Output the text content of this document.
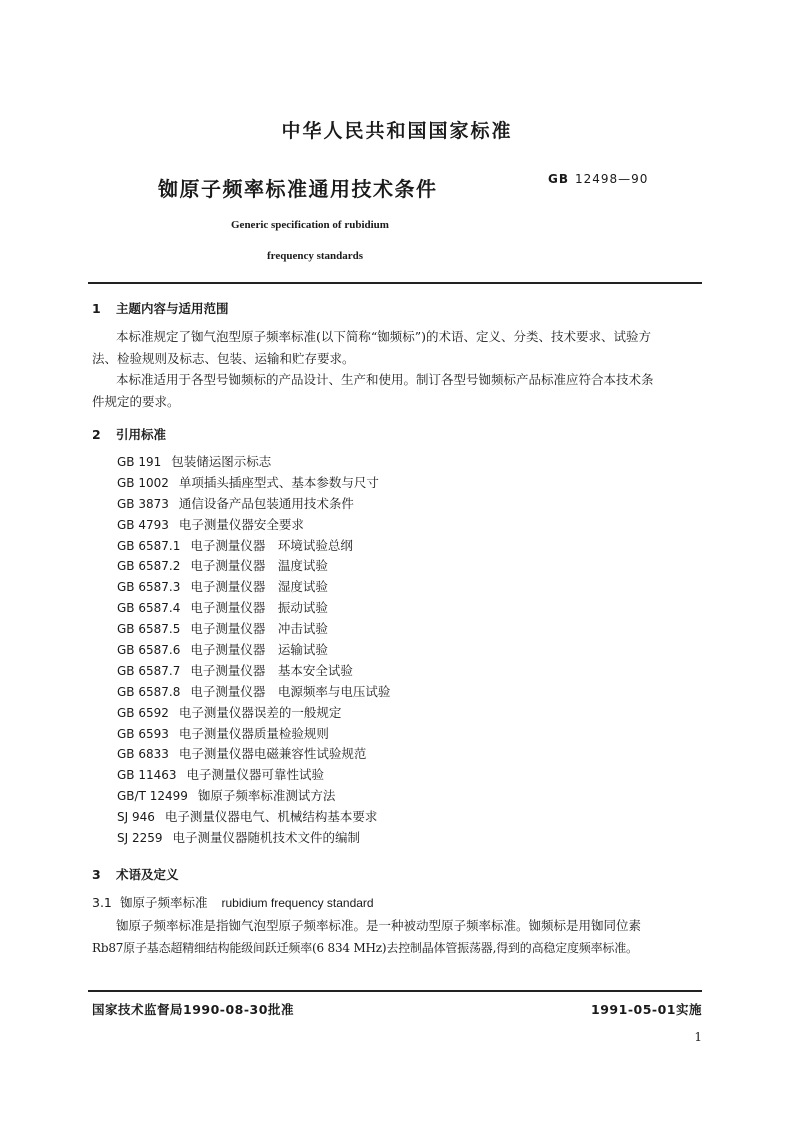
中华人民共和国国家标准
铷原子频率标准通用技术条件	GB 12498—90
Generic specification of rubidium
frequency standards
1 主题内容与适用范围
本标准规定了铷气泡型原子频率标准(以下简称“铷频标”)的术语、定义、分类、技术要求、试验方
法、检验规则及标志、包装、运输和贮存要求。
本标准适用于各型号铷频标的产品设计、生产和使用。制订各型号铷频标产品标准应符合本技术条
件规定的要求。
2 引用标准
GB 191 包装储运图示标志
GB 1002 单项插头插座型式、基本参数与尺寸
GB 3873 通信设备产品包装通用技术条件
GB 4793 电子测量仪器安全要求
GB 6587.1 电子测量仪器　环境试验总纲
GB 6587.2 电子测量仪器　温度试验
GB 6587.3 电子测量仪器　湿度试验
GB 6587.4 电子测量仪器　振动试验
GB 6587.5 电子测量仪器　冲击试验
GB 6587.6 电子测量仪器　运输试验
GB 6587.7 电子测量仪器　基本安全试验
GB 6587.8 电子测量仪器　电源频率与电压试验
GB 6592 电子测量仪器误差的一般规定
GB 6593 电子测量仪器质量检验规则
GB 6833 电子测量仪器电磁兼容性试验规范
GB 11463 电子测量仪器可靠性试验
GB/T 12499 铷原子频率标准测试方法
SJ 946 电子测量仪器电气、机械结构基本要求
SJ 2259 电子测量仪器随机技术文件的编制
3 术语及定义
3.1 铷原子频率标准 rubidium frequency standard
铷原子频率标准是指铷气泡型原子频率标准。是一种被动型原子频率标准。铷频标是用铷同位素
Rb87原子基态超精细结构能级间跃迁频率(6 834 MHz)去控制晶体管振荡器,得到的高稳定度频率标准。
国家技术监督局1990-08-30批准	1991-05-01实施
1
